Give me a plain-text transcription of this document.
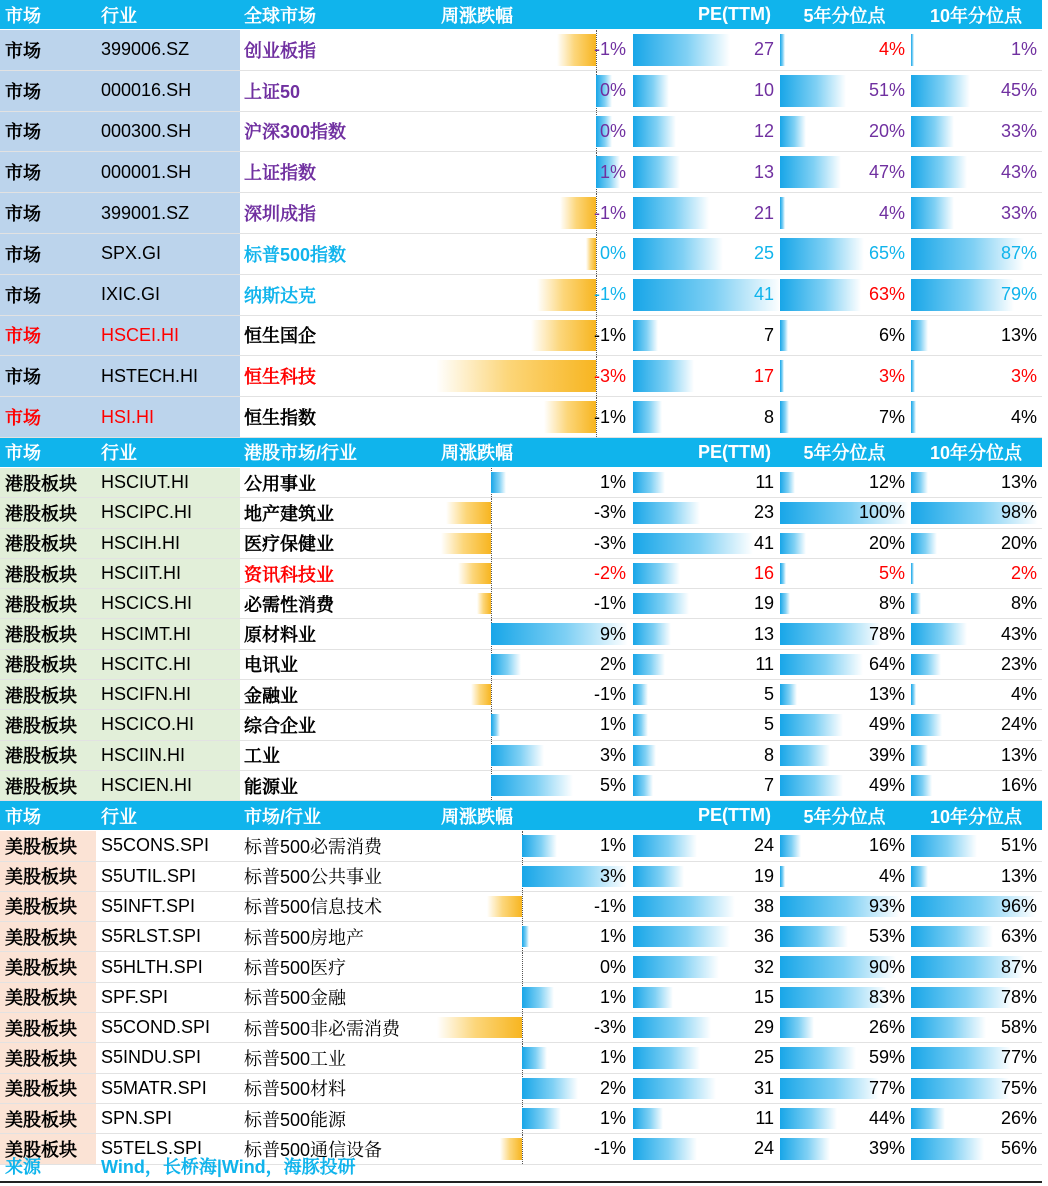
市场	行业	全球市场	周涨跌幅	PE(TTM)	5年分位点	10年分位点
市场	399006.SZ	创业板指	-1%	27	4%	1%
市场	000016.SH	上证50	0%	10	51%	45%
市场	000300.SH	沪深300指数	0%	12	20%	33%
市场	000001.SH	上证指数	1%	13	47%	43%
市场	399001.SZ	深圳成指	-1%	21	4%	33%
市场	SPX.GI	标普500指数	0%	25	65%	87%
市场	IXIC.GI	纳斯达克	-1%	41	63%	79%
市场	HSCEI.HI	恒生国企	-1%	7	6%	13%
市场	HSTECH.HI	恒生科技	-3%	17	3%	3%
市场	HSI.HI	恒生指数	-1%	8	7%	4%
市场	行业	港股市场/行业	周涨跌幅	PE(TTM)	5年分位点	10年分位点
港股板块	HSCIUT.HI	公用事业	1%	11	12%	13%
港股板块	HSCIPC.HI	地产建筑业	-3%	23	100%	98%
港股板块	HSCIH.HI	医疗保健业	-3%	41	20%	20%
港股板块	HSCIIT.HI	资讯科技业	-2%	16	5%	2%
港股板块	HSCICS.HI	必需性消费	-1%	19	8%	8%
港股板块	HSCIMT.HI	原材料业	9%	13	78%	43%
港股板块	HSCITC.HI	电讯业	2%	11	64%	23%
港股板块	HSCIFN.HI	金融业	-1%	5	13%	4%
港股板块	HSCICO.HI	综合企业	1%	5	49%	24%
港股板块	HSCIIN.HI	工业	3%	8	39%	13%
港股板块	HSCIEN.HI	能源业	5%	7	49%	16%
市场	行业	市场/行业	周涨跌幅	PE(TTM)	5年分位点	10年分位点
美股板块	S5CONS.SPI	标普500必需消费	1%	24	16%	51%
美股板块	S5UTIL.SPI	标普500公共事业	3%	19	4%	13%
美股板块	S5INFT.SPI	标普500信息技术	-1%	38	93%	96%
美股板块	S5RLST.SPI	标普500房地产	1%	36	53%	63%
美股板块	S5HLTH.SPI	标普500医疗	0%	32	90%	87%
美股板块	SPF.SPI	标普500金融	1%	15	83%	78%
美股板块	S5COND.SPI	标普500非必需消费	-3%	29	26%	58%
美股板块	S5INDU.SPI	标普500工业	1%	25	59%	77%
美股板块	S5MATR.SPI	标普500材料	2%	31	77%	75%
美股板块	SPN.SPI	标普500能源	1%	11	44%	26%
美股板块	S5TELS.SPI	标普500通信设备	-1%	24	39%	56%
来源	Wind，长桥海|Wind，海豚投研
